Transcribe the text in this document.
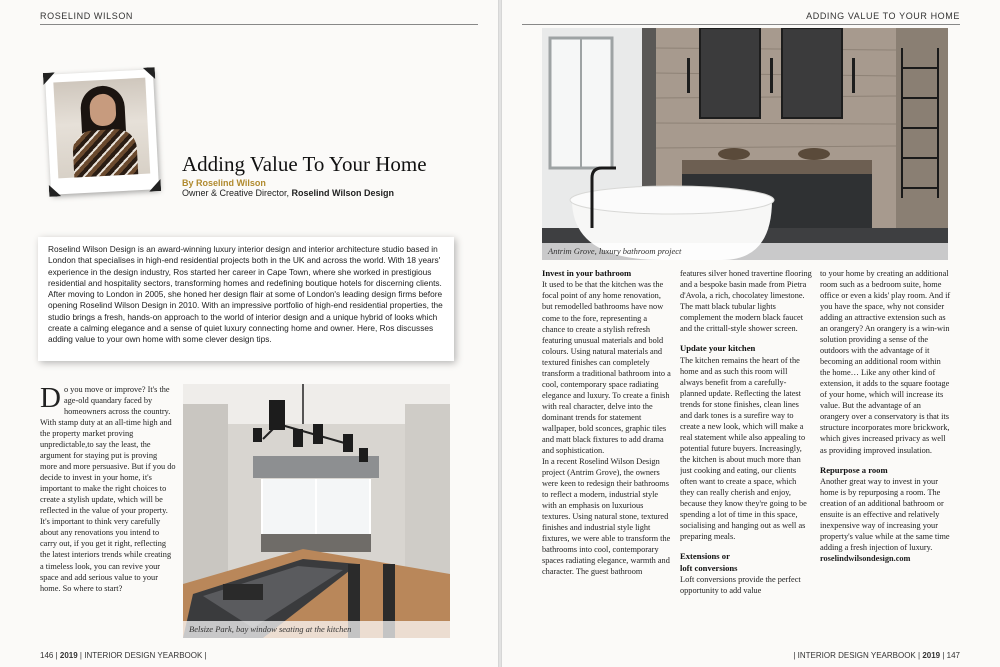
ROSELIND WILSON
Adding Value To Your Home
By Roselind Wilson
Owner & Creative Director, Roselind Wilson Design
Roselind Wilson Design is an award-winning luxury interior design and interior architecture studio based in London that specialises in high-end residential projects both in the UK and across the world. With 18 years' experience in the design industry, Ros started her career in Cape Town, where she worked in prestigious residential and hospitality sectors, transforming homes and redefining boutique hotels for discerning clients. After moving to London in 2005, she honed her design flair at some of London's leading design firms before opening Roselind Wilson Design in 2010. With an impressive portfolio of high-end residential properties, the studio brings a fresh, hands-on approach to the world of interior design and a unique hybrid of looks which create a calming elegance and a sense of quiet luxury connecting home and owner. Here, Ros discusses adding value to your own home with some clever design tips.

Do you move or improve? It's the age-old quandary faced by homeowners across the country.

With stamp duty at an all-time high and the property market proving unpredictable,to say the least, the argument for staying put is proving more and more persuasive. But if you do decide to invest in your home, it's important to make the right choices to create a stylish update, which will be reflected in the value of your property.

It's important to think very carefully about any renovations you intend to carry out, if you get it right, reflecting the latest interiors trends while creating a timeless look, you can revive your space and add serious value to your home. So where to start?

Belsize Park, bay window seating at the kitchen
146 | 2019 | INTERIOR DESIGN YEARBOOK |
ADDING VALUE TO YOUR HOME
Antrim Grove, luxury bathroom project

Invest in your bathroom

It used to be that the kitchen was the focal point of any home renovation, but remodelled bathrooms have now come to the fore, representing a chance to create a stylish refresh featuring unusual materials and bold colours. Using natural materials and textured finishes can completely transform a traditional bathroom into a cool, contemporary space radiating elegance and luxury. To create a finish with real character, delve into the dominant trends for statement wallpaper, bold sconces, graphic tiles and matt black fixtures to add drama and sophistication.

In a recent Roselind Wilson Design project (Antrim Grove), the owners were keen to redesign their bathrooms to reflect a modern, industrial style with an emphasis on luxurious textures. Using natural stone, textured finishes and industrial style light fixtures, we were able to transform the bathrooms into cool, contemporary spaces radiating elegance, warmth and character. The guest bathroom

features silver honed travertine flooring and a bespoke basin made from Pietra d'Avola, a rich, chocolatey limestone. The matt black tubular lights complement the modern black faucet and the crittall-style shower screen.

Update your kitchen

The kitchen remains the heart of the home and as such this room will always benefit from a carefully-planned update. Reflecting the latest trends for stone finishes, clean lines and dark tones is a surefire way to create a new look, which will make a real statement while also appealing to potential future buyers. Increasingly, the kitchen is about much more than just cooking and eating, our clients often want to create a space, which they can really cherish and enjoy, because they know they're going to be spending a lot of time in this space, socialising and hanging out as well as preparing meals.

Extensions or
loft conversions

Loft conversions provide the perfect opportunity to add value

to your home by creating an additional room such as a bedroom suite, home office or even a kids' play room. And if you have the space, why not consider adding an attractive extension such as an orangery? An orangery is a win-win solution providing a sense of the outdoors with the advantage of it becoming an additional room within the home… Like any other kind of extension, it adds to the square footage of your home, which will increase its value. But the advantage of an orangery over a conservatory is that its structure incorporates more brickwork, which gives increased privacy as well as providing improved insulation.

Repurpose a room

Another great way to invest in your home is by repurposing a room. The creation of an additional bathroom or ensuite is an effective and relatively inexpensive way of increasing your property's value while at the same time adding a fresh injection of luxury.

roselindwilsondesign.com

| INTERIOR DESIGN YEARBOOK | 2019 | 147
